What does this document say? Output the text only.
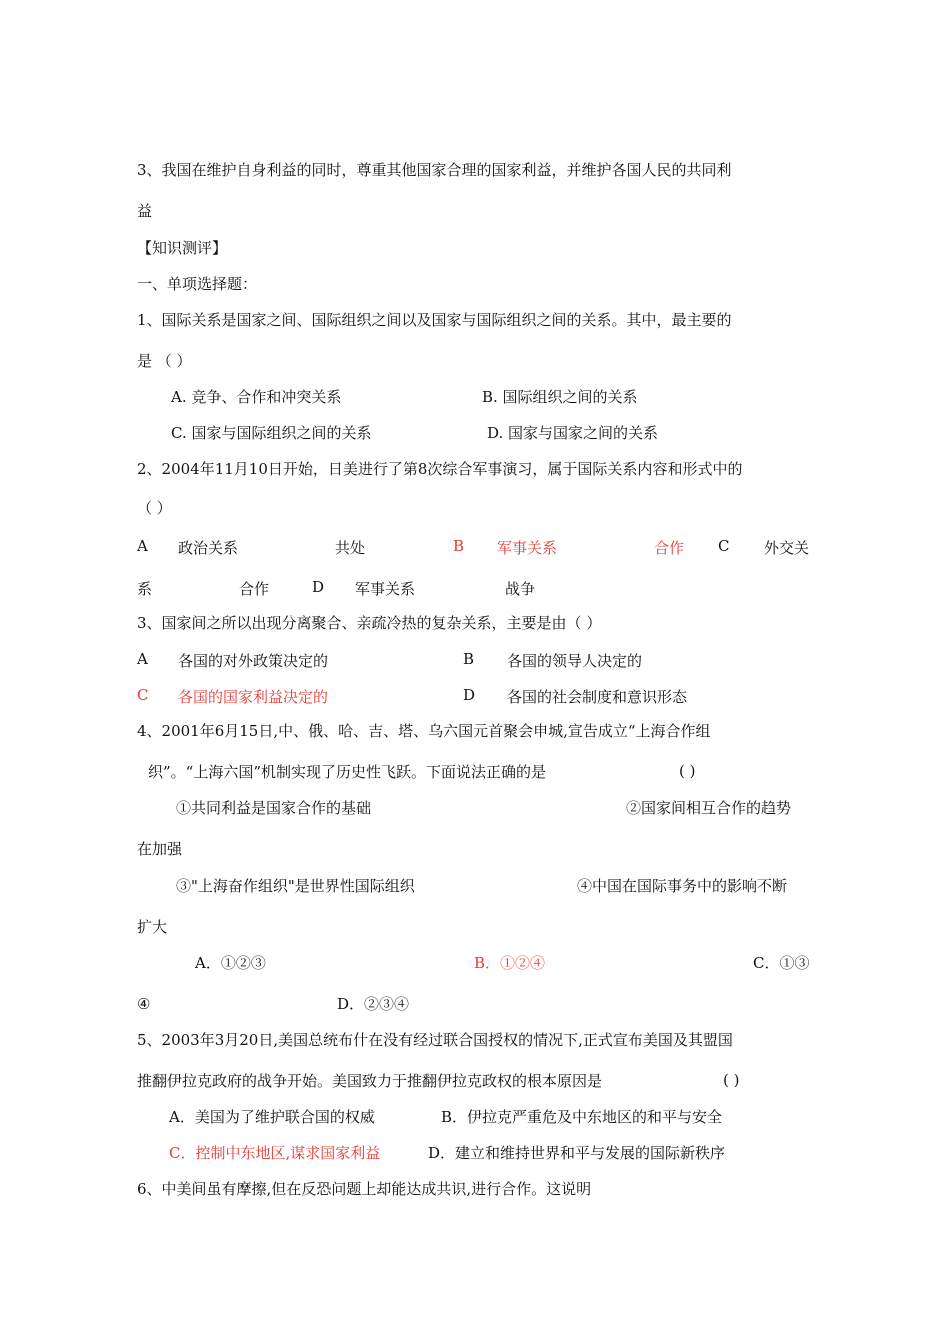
3、我国在维护自身利益的同时，尊重其他国家合理的国家利益，并维护各国人民的共同利
益
【知识测评】
一、单项选择题：
1、国际关系是国家之间、国际组织之间以及国家与国际组织之间的关系。其中，最主要的
是 （ ）
A. 竞争、合作和冲突关系	B. 国际组织之间的关系
C. 国家与国际组织之间的关系	D. 国家与国家之间的关系
2、2004年11月10日开始，日美进行了第8次综合军事演习，属于国际关系内容和形式中的
（ ）
A 政治关系	共处	B 军事关系	合作 C 外交关
系	合作	D 军事关系	战争
3、国家间之所以出现分离聚合、亲疏冷热的复杂关系，主要是由（ ）
A 各国的对外政策决定的	B 各国的领导人决定的
C 各国的国家利益决定的	D 各国的社会制度和意识形态
4、2001年6月15日,中、俄、哈、吉、塔、乌六国元首聚会申城,宣告成立“上海合作组
织”。“上海六国”机制实现了历史性飞跃。下面说法正确的是	( )
①共同利益是国家合作的基础	②国家间相互合作的趋势
在加强
③"上海奋作组织"是世界性国际组织	④中国在国际事务中的影响不断
扩大
A．①②③	B．①②④	C．①③
④	D．②③④
5、2003年3月20日,美国总统布什在没有经过联合国授权的情况下,正式宣布美国及其盟国
推翻伊拉克政府的战争开始。美国致力于推翻伊拉克政权的根本原因是	( )
A．美国为了维护联合国的权威	B．伊拉克严重危及中东地区的和平与安全
C．控制中东地区,谋求国家利益	D．建立和维持世界和平与发展的国际新秩序
6、中美间虽有摩擦,但在反恐问题上却能达成共识,进行合作。这说明
